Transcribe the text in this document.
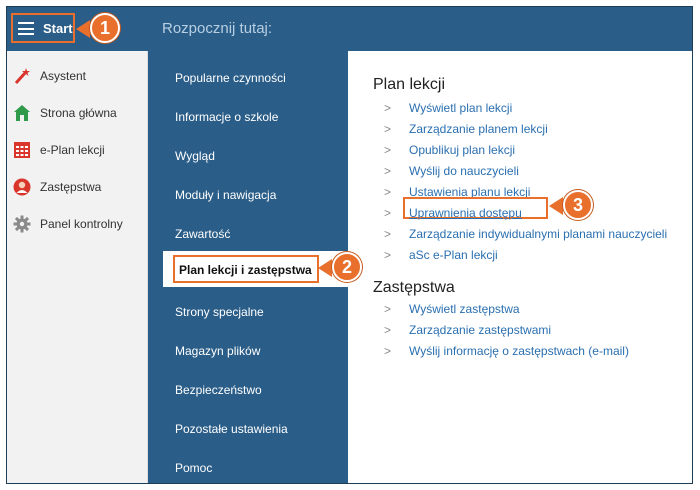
Start
Asystent
Strona główna
e-Plan lekcji
Zastępstwa
Panel kontrolny
Rozpocznij tutaj:
Popularne czynności
Informacje o szkole
Wygląd
Moduły i nawigacja
Zawartość
Plan lekcji i zastępstwa
Strony specjalne
Magazyn plików
Bezpieczeństwo
Pozostałe ustawienia
Pomoc
Plan lekcji
> Wyświetl plan lekcji
> Zarządzanie planem lekcji
> Opublikuj plan lekcji
> Wyślij do nauczycieli
> Ustawienia planu lekcji
> Uprawnienia dostępu
> Zarządzanie indywidualnymi planami nauczycieli
> aSc e-Plan lekcji
Zastępstwa
> Wyświetl zastępstwa
> Zarządzanie zastępstwami
> Wyślij informację o zastępstwach (e-mail)
1
2
3
